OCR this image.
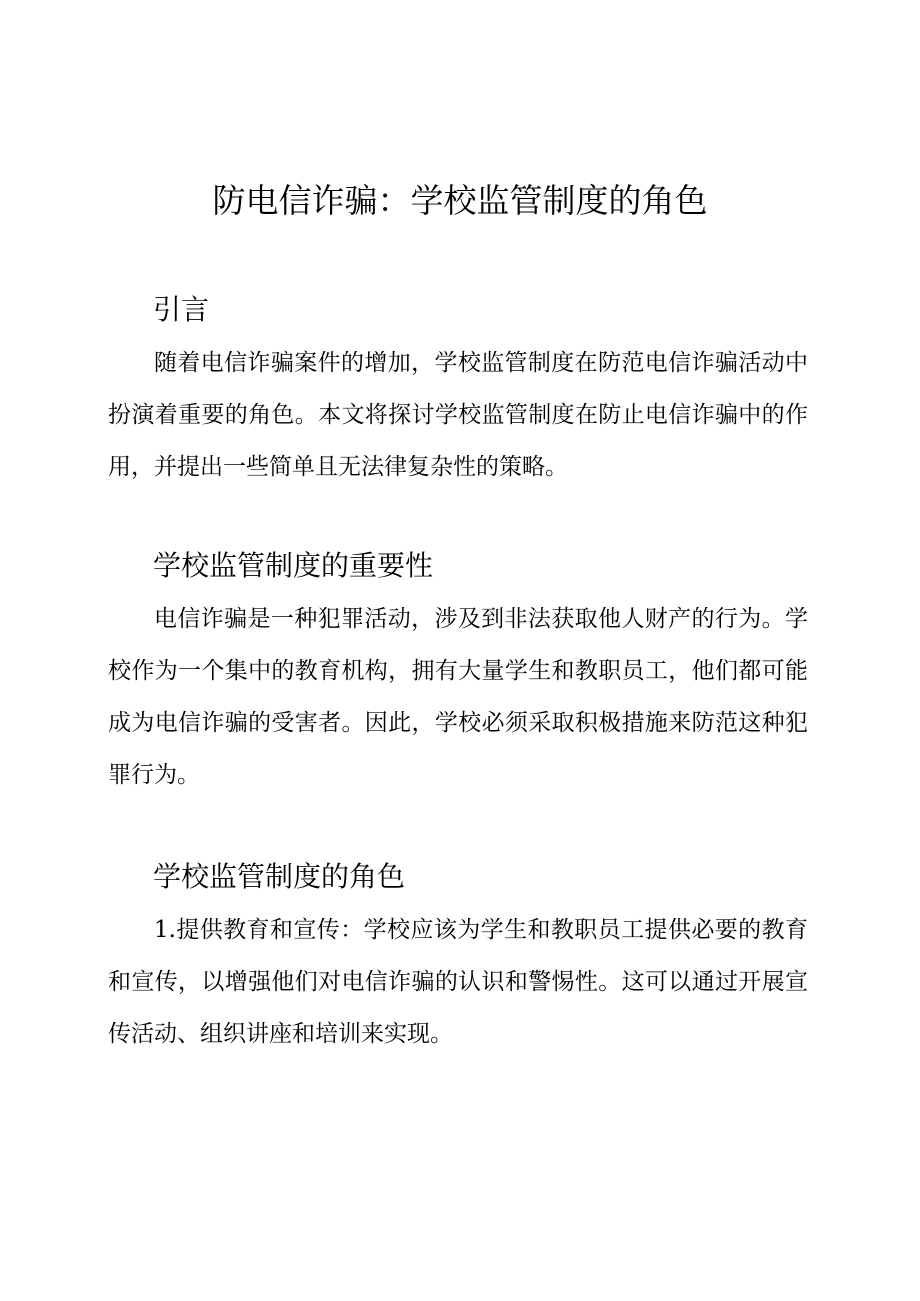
防电信诈骗：学校监管制度的角色
引言

随着电信诈骗案件的增加，学校监管制度在防范电信诈骗活动中扮演着重要的角色。本文将探讨学校监管制度在防止电信诈骗中的作用，并提出一些简单且无法律复杂性的策略。

学校监管制度的重要性

电信诈骗是一种犯罪活动，涉及到非法获取他人财产的行为。学校作为一个集中的教育机构，拥有大量学生和教职员工，他们都可能成为电信诈骗的受害者。因此，学校必须采取积极措施来防范这种犯罪行为。

学校监管制度的角色

1.提供教育和宣传：学校应该为学生和教职员工提供必要的教育和宣传，以增强他们对电信诈骗的认识和警惕性。这可以通过开展宣传活动、组织讲座和培训来实现。
